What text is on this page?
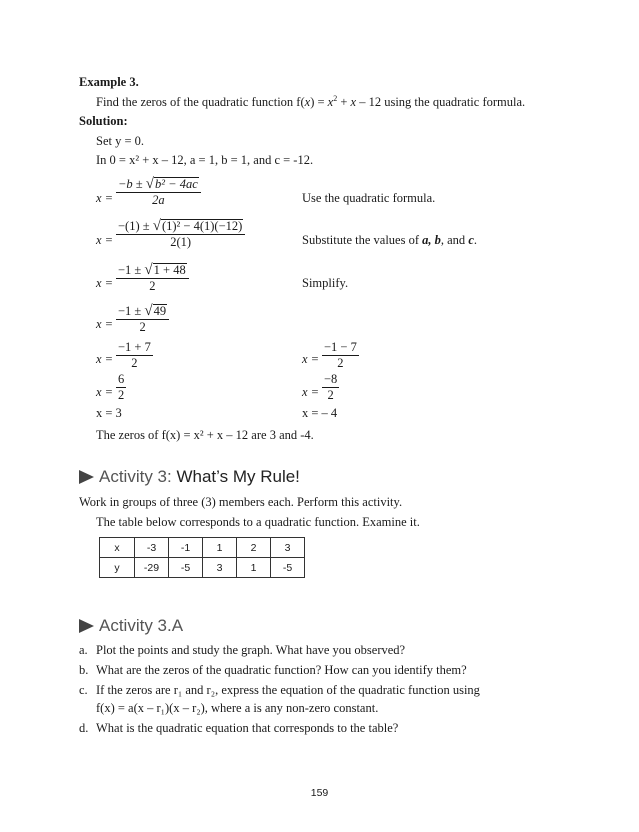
Example 3.
Find the zeros of the quadratic function $f(x) = x^2 + x - 12$ using the quadratic formula.
Solution:
Set y = 0.
In 0 = x² + x – 12, a = 1, b = 1, and c = -12.
$x = \frac{\text{−b ± √b² − 4ac}}{2a}$	Use the quadratic formula.
$x = \frac{\text{−(1) ± √(1)² − 4(1)(−12)}}{2(1)}$	Substitute the values of a, b, and c.
$x = \frac{-1 \pm √1 + 48}{2}$	Simplify.
$x = \frac{-1 \pm √49}{2}$
$x = \frac{-1 + 7}{2}$	$x = \frac{-1 - 7}{2}$
$x = \frac{6}{2}$	$x = \frac{-8}{2}$
x = 3	x = – 4
The zeros of f(x) = x² + x – 12 are 3 and -4.
Activity 3: What’s My Rule!
Work in groups of three (3) members each. Perform this activity.
The table below corresponds to a quadratic function. Examine it.
x	-3	-1	1	2	3
y	-29	-5	3	1	-5
Activity 3.A
a. Plot the points and study the graph. What have you observed?
b. What are the zeros of the quadratic function? How can you identify them?
c. If the zeros are r₁ and r₂, express the equation of the quadratic function using
f(x) = a(x – r₁)(x – r₂), where a is any non-zero constant.
d. What is the quadratic equation that corresponds to the table?
159
